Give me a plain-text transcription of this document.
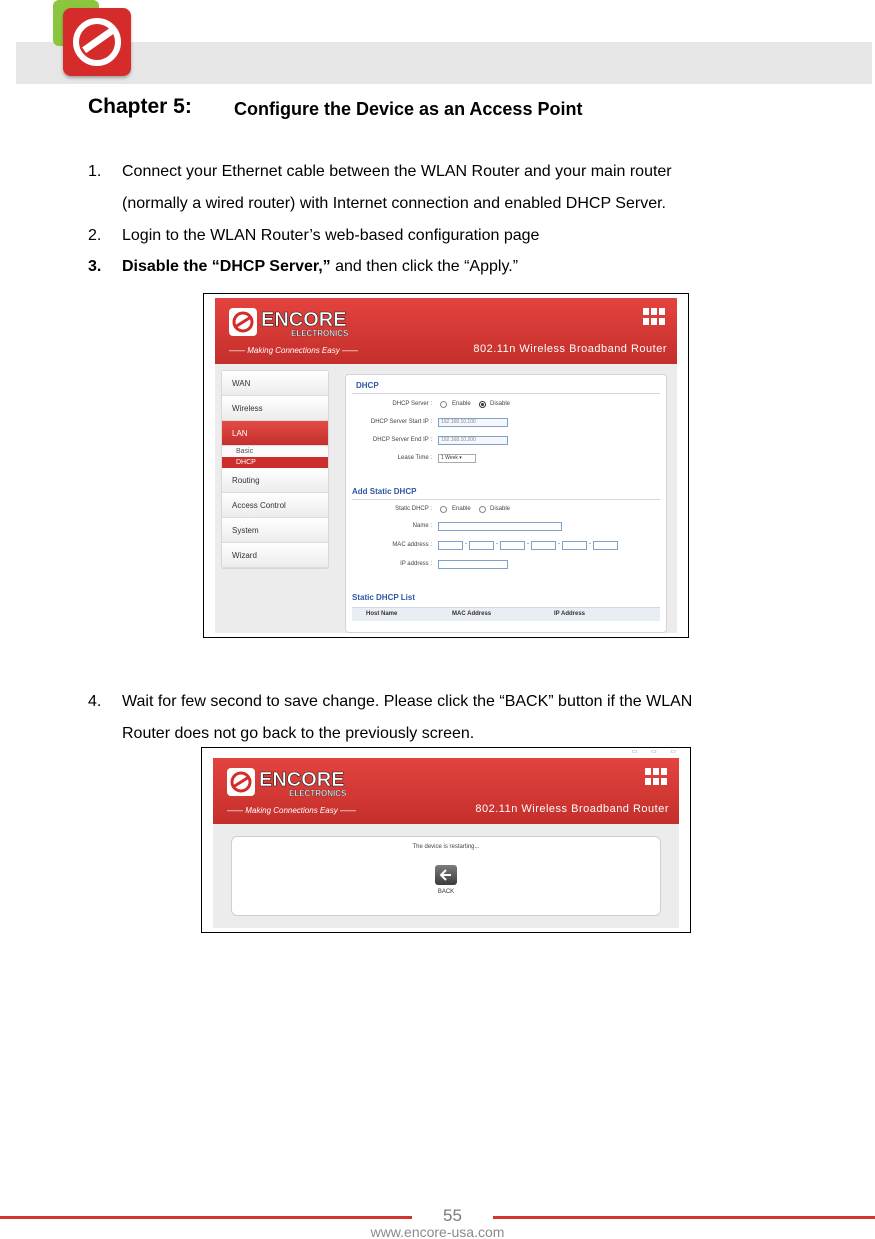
Chapter 5: Configure the Device as an Access Point
1.	Connect your Ethernet cable between the WLAN Router and your main router
(normally a wired router) with Internet connection and enabled DHCP Server.
2.	Login to the WLAN Router’s web-based configuration page
3.	Disable the “DHCP Server,” and then click the “Apply.”
ENCORE
ELECTRONICS
—— Making Connections Easy ——	802.11n Wireless Broadband Router
WAN
Wireless
LAN
Basic
DHCP
Routing
Access Control
System
Wizard
DHCP
DHCP Server :	Enable	Disable
DHCP Server Start IP :	192.168.10.100
DHCP Server End IP :	192.168.10.200
Lease Time :	1 Week ▾
Add Static DHCP
Static DHCP :	Enable	Disable
Name :
MAC address :	-	-	-	-	-
IP address :
Static DHCP List
Host Name	MAC Address	IP Address
4.	Wait for few second to save change. Please click the “BACK” button if the WLAN
Router does not go back to the previously screen.
▭ ▭ ▭
ENCORE
ELECTRONICS
—— Making Connections Easy ——	802.11n Wireless Broadband Router
The device is restarting...
BACK
55
www.encore-usa.com
